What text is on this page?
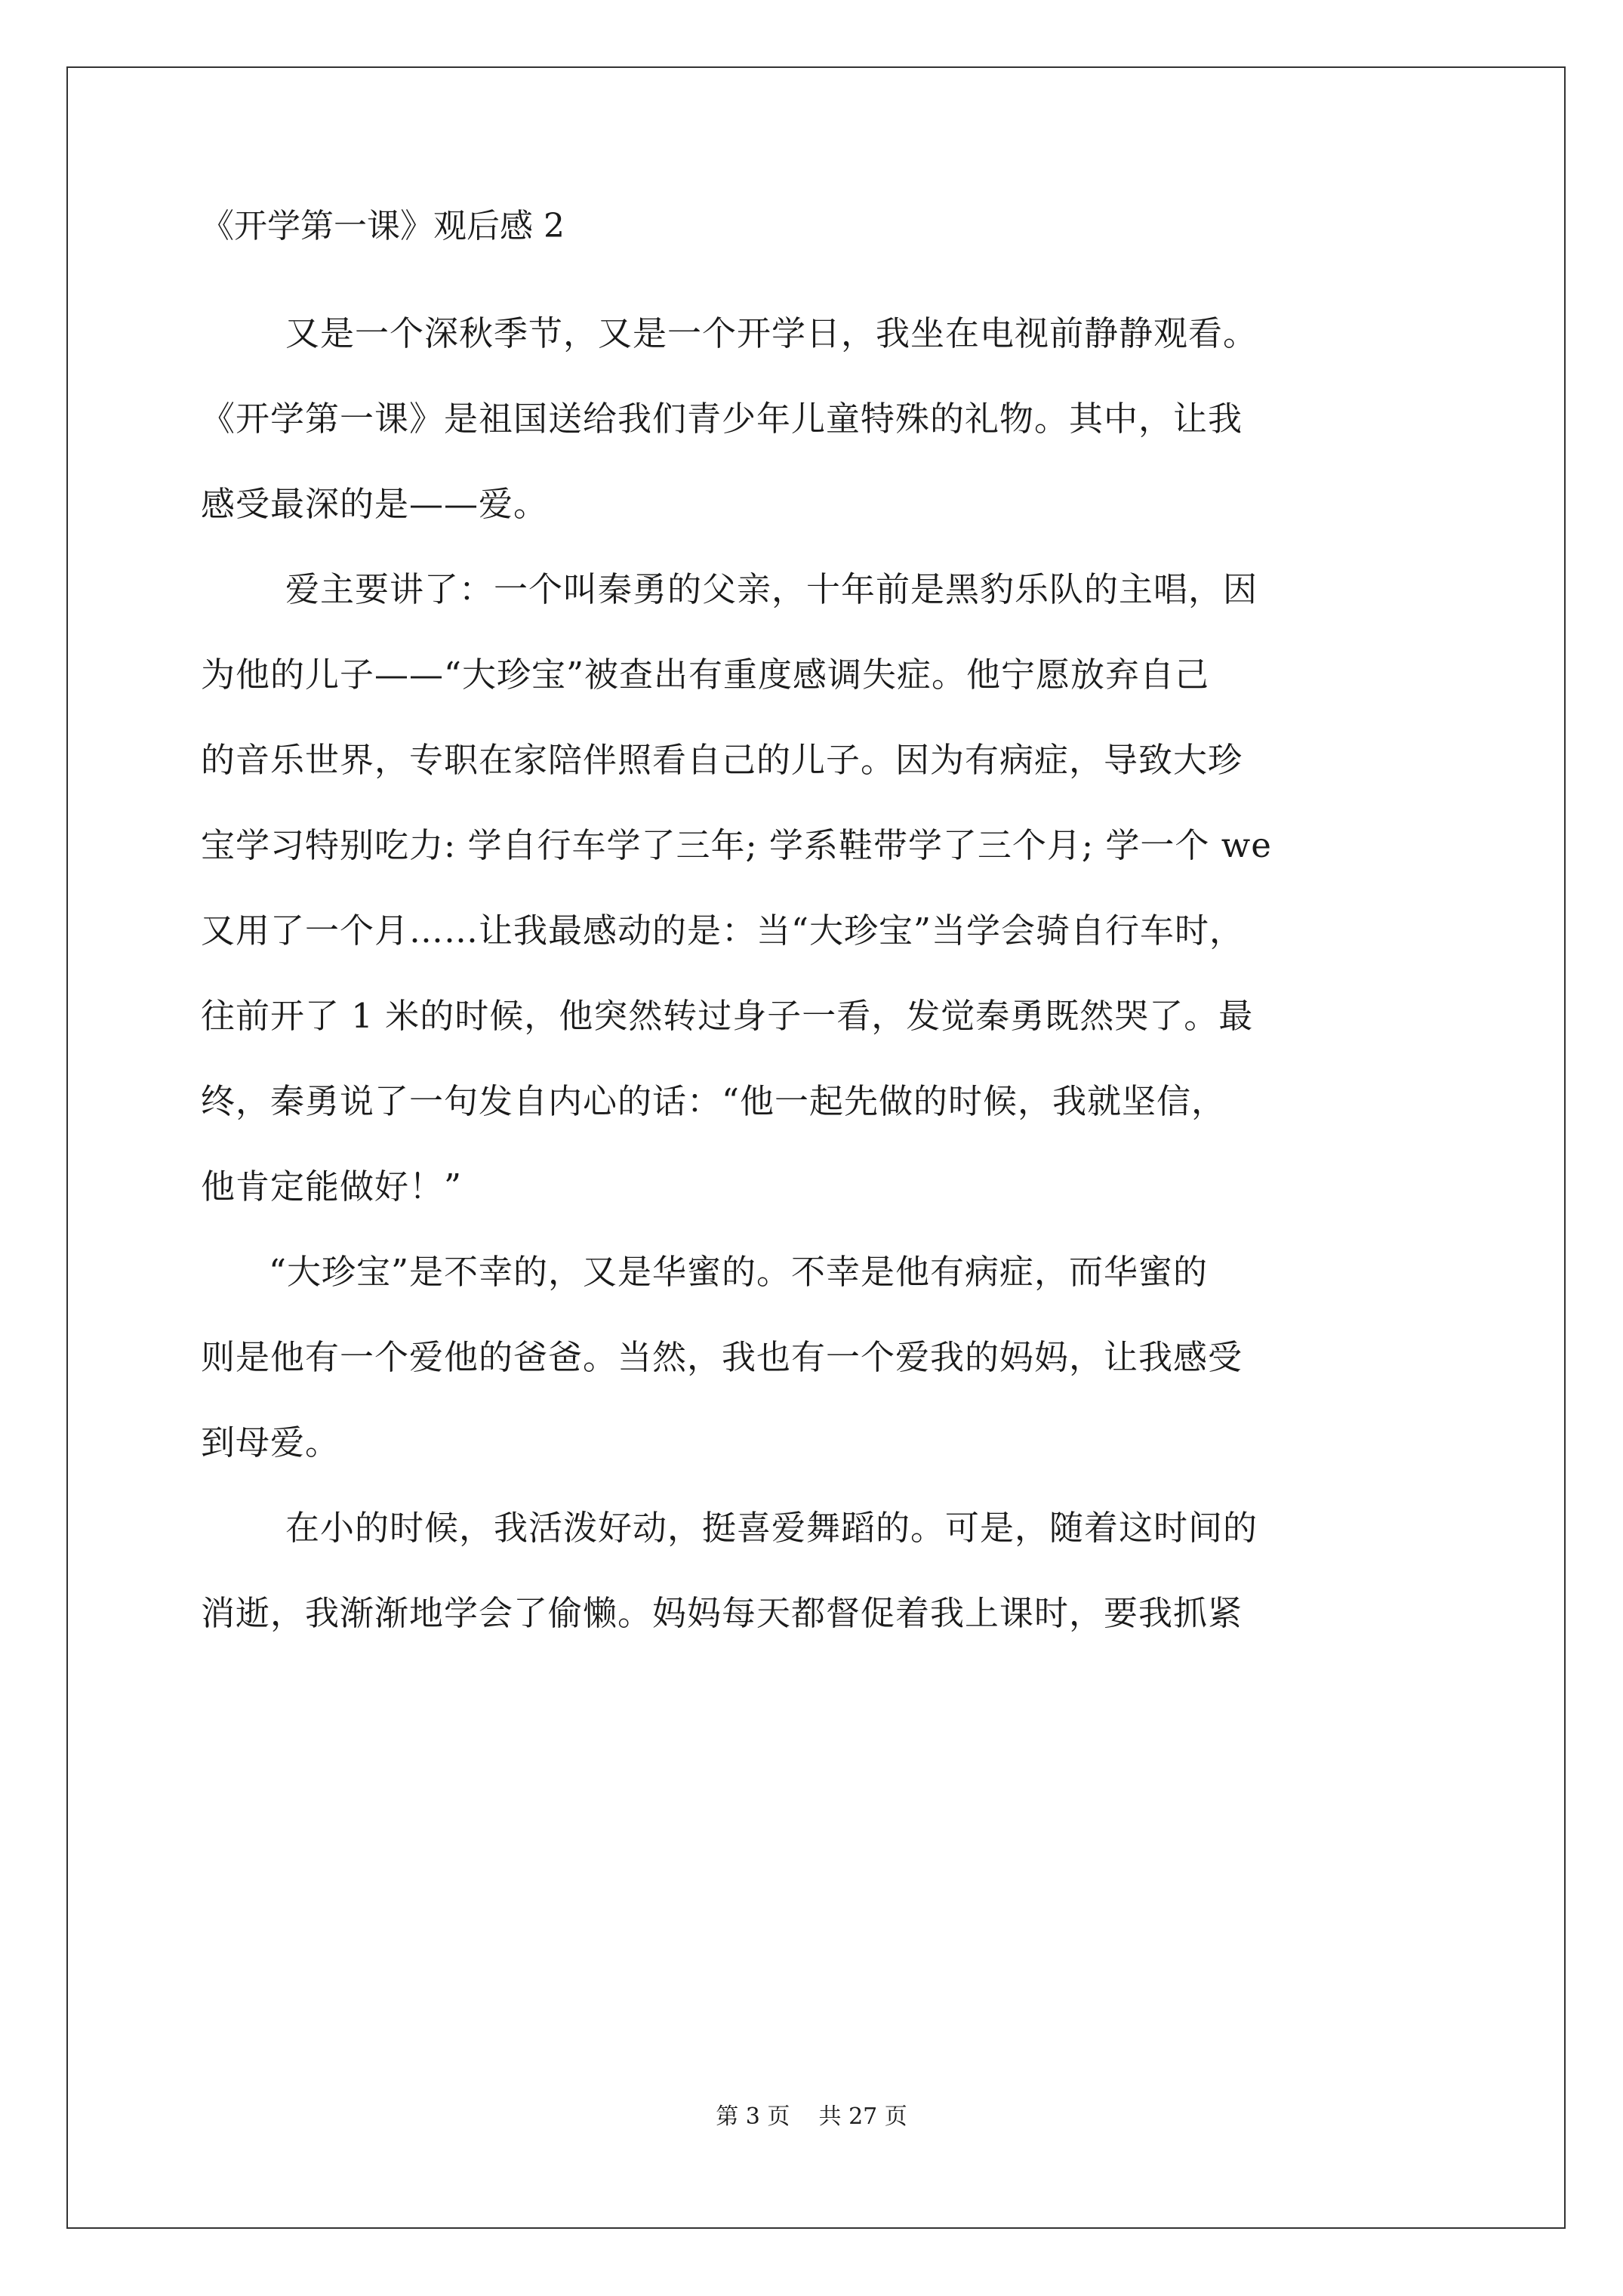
《开学第一课》观后感 2
又是一个深秋季节，又是一个开学日，我坐在电视前静静观看。
《开学第一课》是祖国送给我们青少年儿童特殊的礼物。其中，让我
感受最深的是——爱。
爱主要讲了：一个叫秦勇的父亲，十年前是黑豹乐队的主唱，因
为他的儿子——“大珍宝”被查出有重度感调失症。他宁愿放弃自己
的音乐世界，专职在家陪伴照看自己的儿子。因为有病症，导致大珍
宝学习特别吃力: 学自行车学了三年; 学系鞋带学了三个月; 学一个 we
又用了一个月……让我最感动的是：当“大珍宝”当学会骑自行车时，
往前开了 1 米的时候，他突然转过身子一看，发觉秦勇既然哭了。最
终，秦勇说了一句发自内心的话：“他一起先做的时候，我就坚信，
他肯定能做好！”
“大珍宝”是不幸的，又是华蜜的。不幸是他有病症，而华蜜的
则是他有一个爱他的爸爸。当然，我也有一个爱我的妈妈，让我感受
到母爱。
在小的时候，我活泼好动，挺喜爱舞蹈的。可是，随着这时间的
消逝，我渐渐地学会了偷懒。妈妈每天都督促着我上课时，要我抓紧
第 3 页 共 27 页
